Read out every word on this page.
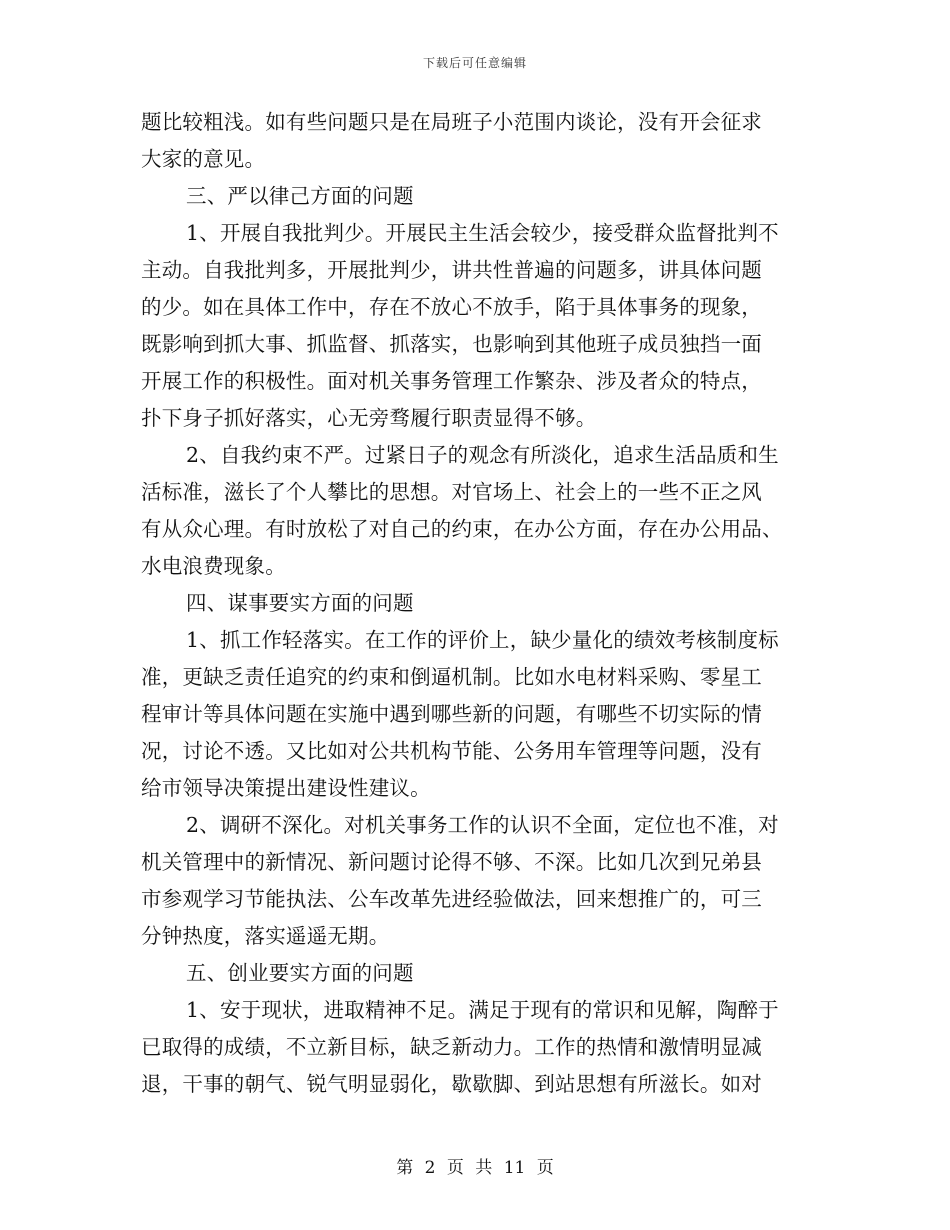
下载后可任意编辑
题比较粗浅。如有些问题只是在局班子小范围内谈论，没有开会征求
大家的意见。
三、严以律己方面的问题
1、开展自我批判少。开展民主生活会较少，接受群众监督批判不
主动。自我批判多，开展批判少，讲共性普遍的问题多，讲具体问题
的少。如在具体工作中，存在不放心不放手，陷于具体事务的现象，
既影响到抓大事、抓监督、抓落实，也影响到其他班子成员独挡一面
开展工作的积极性。面对机关事务管理工作繁杂、涉及者众的特点，
扑下身子抓好落实，心无旁骛履行职责显得不够。
2、自我约束不严。过紧日子的观念有所淡化，追求生活品质和生
活标准，滋长了个人攀比的思想。对官场上、社会上的一些不正之风
有从众心理。有时放松了对自己的约束，在办公方面，存在办公用品、
水电浪费现象。
四、谋事要实方面的问题
1、抓工作轻落实。在工作的评价上，缺少量化的绩效考核制度标
准，更缺乏责任追究的约束和倒逼机制。比如水电材料采购、零星工
程审计等具体问题在实施中遇到哪些新的问题，有哪些不切实际的情
况，讨论不透。又比如对公共机构节能、公务用车管理等问题，没有
给市领导决策提出建设性建议。
2、调研不深化。对机关事务工作的认识不全面，定位也不准，对
机关管理中的新情况、新问题讨论得不够、不深。比如几次到兄弟县
市参观学习节能执法、公车改革先进经验做法，回来想推广的，可三
分钟热度，落实遥遥无期。
五、创业要实方面的问题
1、安于现状，进取精神不足。满足于现有的常识和见解，陶醉于
已取得的成绩，不立新目标，缺乏新动力。工作的热情和激情明显减
退，干事的朝气、锐气明显弱化，歇歇脚、到站思想有所滋长。如对
第 2 页 共 11 页
